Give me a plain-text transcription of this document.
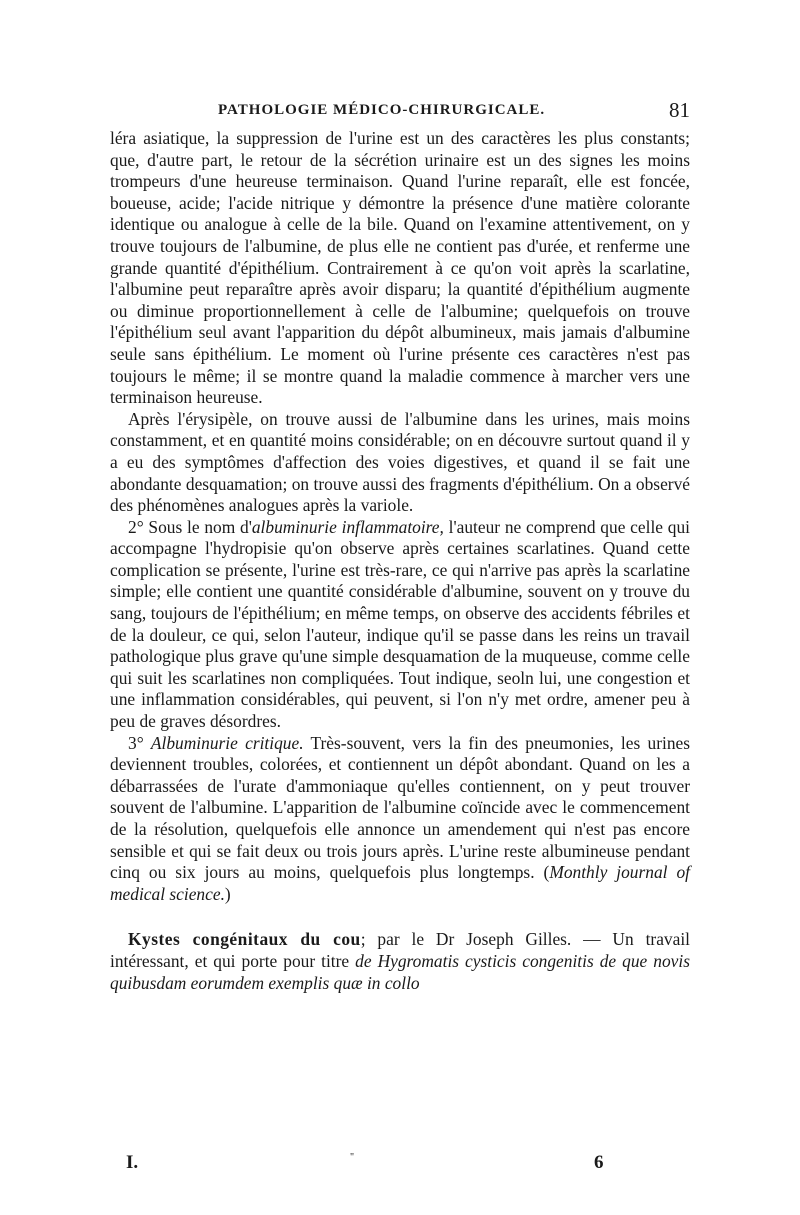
PATHOLOGIE MÉDICO-CHIRURGICALE.	81

léra asiatique, la suppression de l'urine est un des caractères les plus constants; que, d'autre part, le retour de la sécrétion urinaire est un des signes les moins trompeurs d'une heureuse terminaison. Quand l'urine reparaît, elle est foncée, boueuse, acide; l'acide nitrique y démontre la présence d'une matière colorante identique ou analogue à celle de la bile. Quand on l'examine attentivement, on y trouve toujours de l'albumine, de plus elle ne contient pas d'urée, et renferme une grande quantité d'épithélium. Contrairement à ce qu'on voit après la scarlatine, l'albumine peut reparaître après avoir disparu; la quantité d'épithélium augmente ou diminue proportionnellement à celle de l'albumine; quelquefois on trouve l'épithélium seul avant l'apparition du dépôt albumineux, mais jamais d'albumine seule sans épithélium. Le moment où l'urine présente ces caractères n'est pas toujours le même; il se montre quand la maladie commence à marcher vers une terminaison heureuse.

Après l'érysipèle, on trouve aussi de l'albumine dans les urines, mais moins constamment, et en quantité moins considérable; on en découvre surtout quand il y a eu des symptômes d'affection des voies digestives, et quand il se fait une abondante desquamation; on trouve aussi des fragments d'épithélium. On a observé des phénomènes analogues après la variole.

2° Sous le nom d'albuminurie inflammatoire, l'auteur ne comprend que celle qui accompagne l'hydropisie qu'on observe après certaines scarlatines. Quand cette complication se présente, l'urine est très-rare, ce qui n'arrive pas après la scarlatine simple; elle contient une quantité considérable d'albumine, souvent on y trouve du sang, toujours de l'épithélium; en même temps, on observe des accidents fébriles et de la douleur, ce qui, selon l'auteur, indique qu'il se passe dans les reins un travail pathologique plus grave qu'une simple desquamation de la muqueuse, comme celle qui suit les scarlatines non compliquées. Tout indique, seoln lui, une congestion et une inflammation considérables, qui peuvent, si l'on n'y met ordre, amener peu à peu de graves désordres.

3° Albuminurie critique. Très-souvent, vers la fin des pneumonies, les urines deviennent troubles, colorées, et contiennent un dépôt abondant. Quand on les a débarrassées de l'urate d'ammoniaque qu'elles contiennent, on y peut trouver souvent de l'albumine. L'apparition de l'albumine coïncide avec le commencement de la résolution, quelquefois elle annonce un amendement qui n'est pas encore sensible et qui se fait deux ou trois jours après. L'urine reste albumineuse pendant cinq ou six jours au moins, quelquefois plus longtemps. (Monthly journal of medical science.)

Kystes congénitaux du cou; par le Dr Joseph Gilles. — Un travail intéressant, et qui porte pour titre de Hygromatis cysticis congenitis de que novis quibusdam eorumdem exemplis quæ in collo

I.	"	6
